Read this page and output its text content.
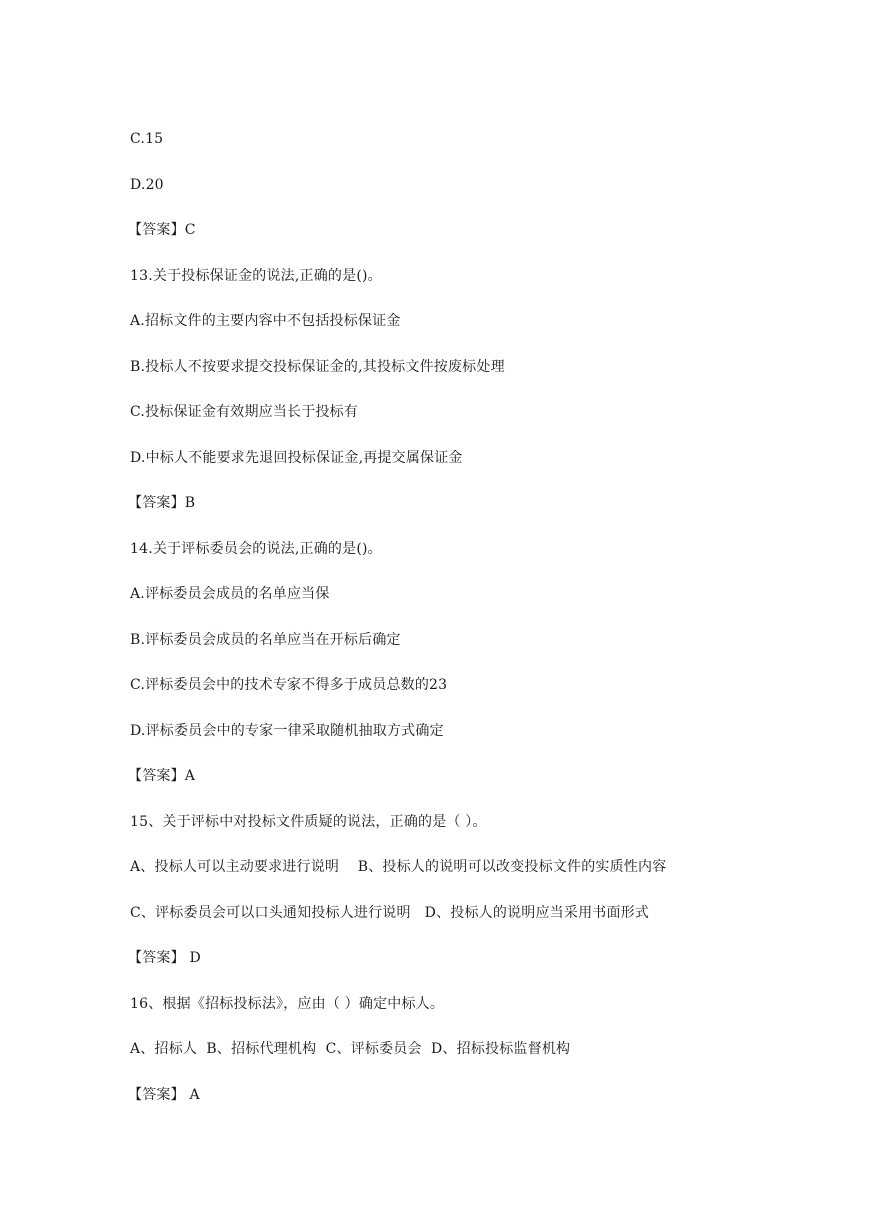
C.15
D.20
【答案】C
13.关于投标保证金的说法,正确的是()。
A.招标文件的主要内容中不包括投标保证金
B.投标人不按要求提交投标保证金的,其投标文件按废标处理
C.投标保证金有效期应当长于投标有
D.中标人不能要求先退回投标保证金,再提交属保证金
【答案】B
14.关于评标委员会的说法,正确的是()。
A.评标委员会成员的名单应当保
B.评标委员会成员的名单应当在开标后确定
C.评标委员会中的技术专家不得多于成员总数的23
D.评标委员会中的专家一律采取随机抽取方式确定
【答案】A
15、关于评标中对投标文件质疑的说法，正确的是（ ）。
A、投标人可以主动要求进行说明    B、投标人的说明可以改变投标文件的实质性内容
C、评标委员会可以口头通知投标人进行说明   D、投标人的说明应当采用书面形式
【答案】 D
16、根据《招标投标法》，应由（ ）确定中标人。
A、招标人  B、招标代理机构  C、评标委员会  D、招标投标监督机构
【答案】 A
